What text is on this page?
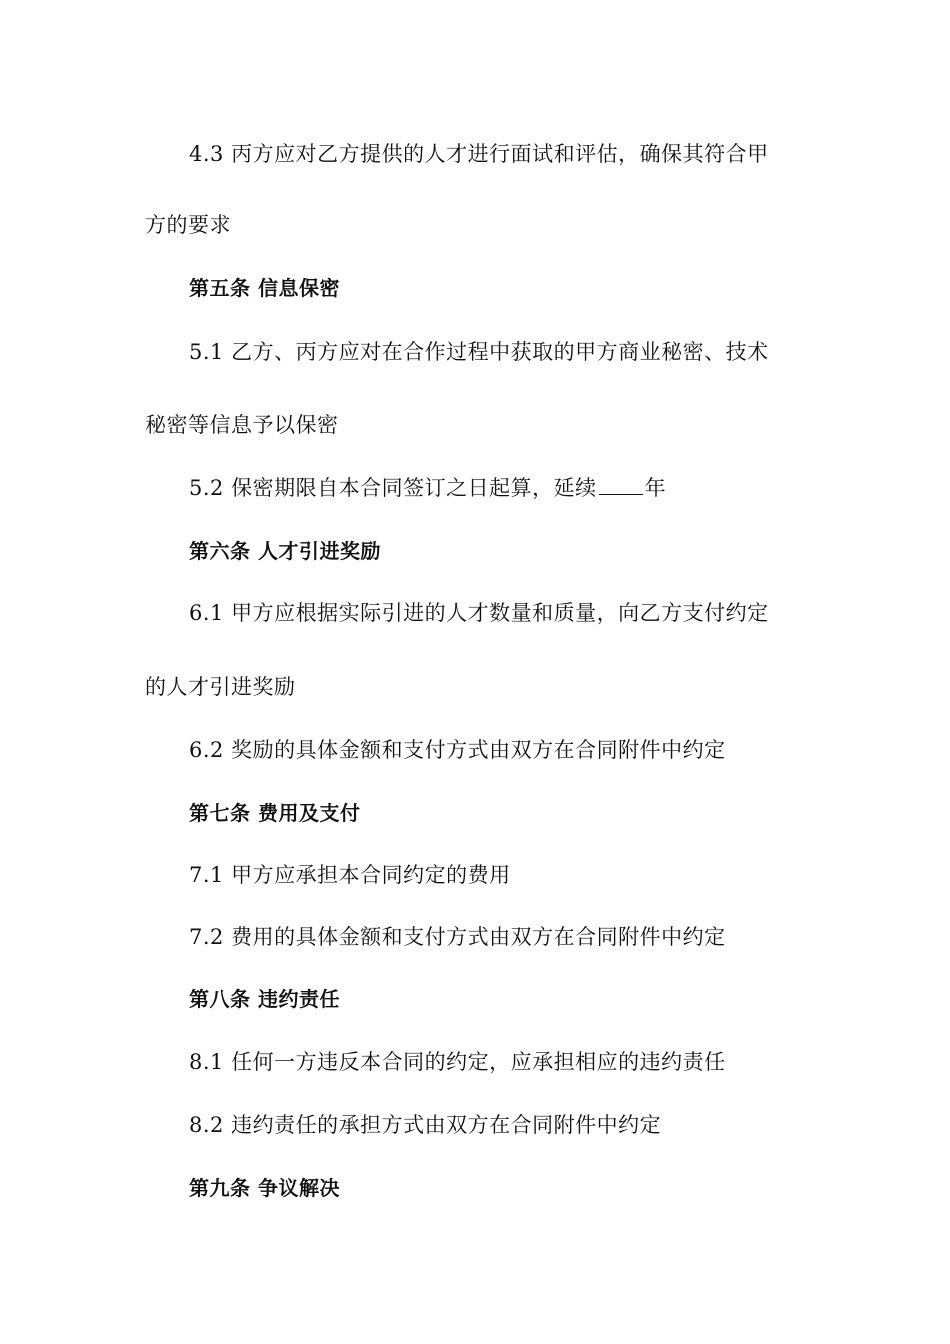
4.3 丙方应对乙方提供的人才进行面试和评估，确保其符合甲
方的要求
第五条 信息保密
5.1 乙方、丙方应对在合作过程中获取的甲方商业秘密、技术
秘密等信息予以保密
5.2 保密期限自本合同签订之日起算，延续 年
第六条 人才引进奖励
6.1 甲方应根据实际引进的人才数量和质量，向乙方支付约定
的人才引进奖励
6.2 奖励的具体金额和支付方式由双方在合同附件中约定
第七条 费用及支付
7.1 甲方应承担本合同约定的费用
7.2 费用的具体金额和支付方式由双方在合同附件中约定
第八条 违约责任
8.1 任何一方违反本合同的约定，应承担相应的违约责任
8.2 违约责任的承担方式由双方在合同附件中约定
第九条 争议解决
